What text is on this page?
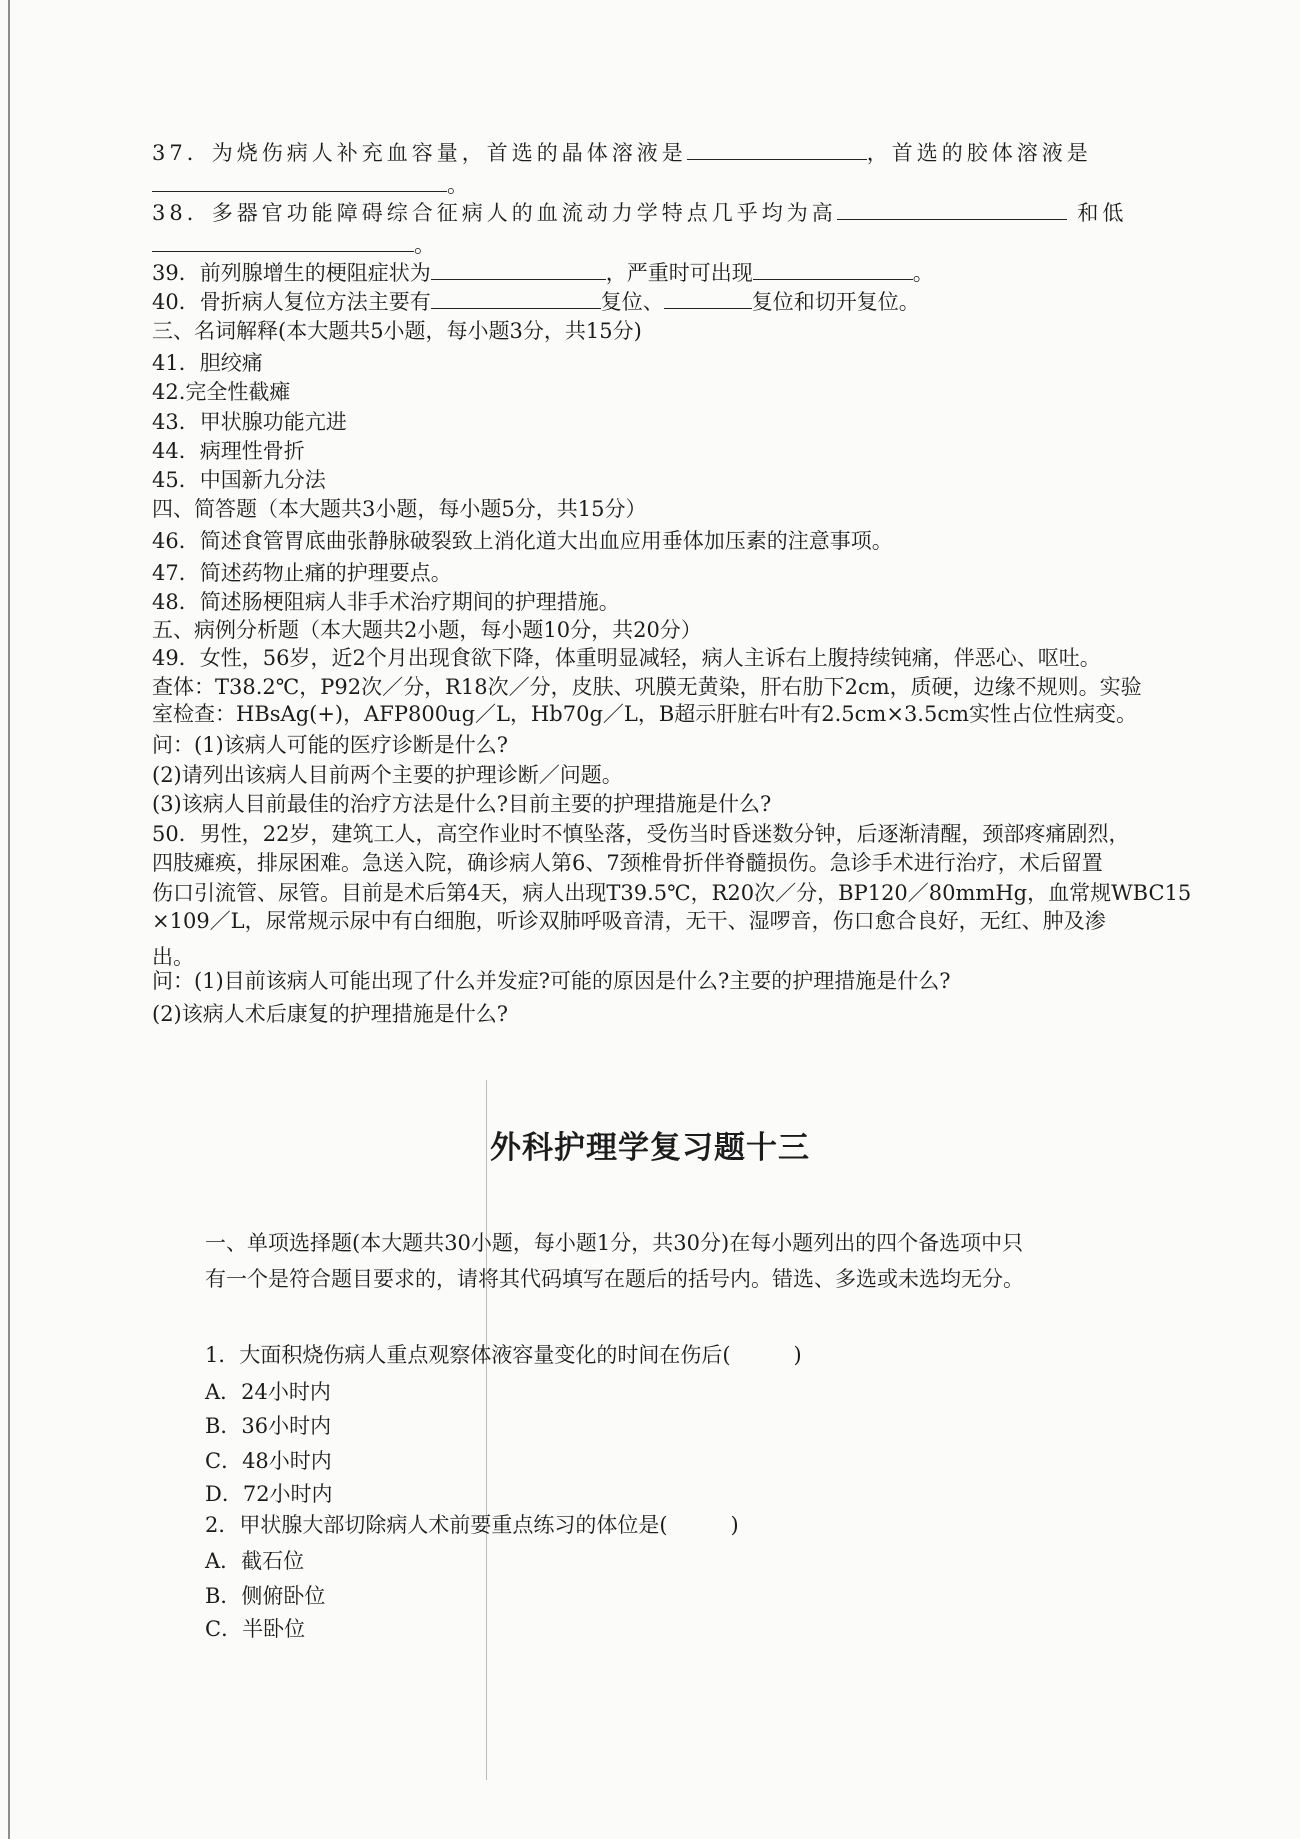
37．为烧伤病人补充血容量，首选的晶体溶液是	，首选的胶体溶液是
。
38．多器官功能障碍综合征病人的血流动力学特点几乎均为高	和低
。
39．前列腺增生的梗阻症状为	，严重时可出现	。
40．骨折病人复位方法主要有	复位、	复位和切开复位。
三、名词解释(本大题共5小题，每小题3分，共15分)
41．胆绞痛
42.完全性截瘫
43．甲状腺功能亢进
44．病理性骨折
45．中国新九分法
四、简答题（本大题共3小题，每小题5分，共15分）
46．简述食管胃底曲张静脉破裂致上消化道大出血应用垂体加压素的注意事项。
47．简述药物止痛的护理要点。
48．简述肠梗阻病人非手术治疗期间的护理措施。
五、病例分析题（本大题共2小题，每小题10分，共20分）
49．女性，56岁，近2个月出现食欲下降，体重明显减轻，病人主诉右上腹持续钝痛，伴恶心、呕吐。
查体：T38.2℃，P92次／分，R18次／分，皮肤、巩膜无黄染，肝右肋下2cm，质硬，边缘不规则。实验
室检查：HBsAg(+)，AFP800ug／L，Hb70g／L，B超示肝脏右叶有2.5cm×3.5cm实性占位性病变。
问：(1)该病人可能的医疗诊断是什么?
(2)请列出该病人目前两个主要的护理诊断／问题。
(3)该病人目前最佳的治疗方法是什么?目前主要的护理措施是什么?
50．男性，22岁，建筑工人，高空作业时不慎坠落，受伤当时昏迷数分钟，后逐渐清醒，颈部疼痛剧烈，
四肢瘫痪，排尿困难。急送入院，确诊病人第6、7颈椎骨折伴脊髓损伤。急诊手术进行治疗，术后留置
伤口引流管、尿管。目前是术后第4天，病人出现T39.5℃，R20次／分，BP120／80mmHg，血常规WBC15
×109／L，尿常规示尿中有白细胞，听诊双肺呼吸音清，无干、湿啰音，伤口愈合良好，无红、肿及渗
出。
问：(1)目前该病人可能出现了什么并发症?可能的原因是什么?主要的护理措施是什么?
(2)该病人术后康复的护理措施是什么?
外科护理学复习题十三
一、单项选择题(本大题共30小题，每小题1分，共30分)在每小题列出的四个备选项中只
有一个是符合题目要求的，请将其代码填写在题后的括号内。错选、多选或未选均无分。
1．大面积烧伤病人重点观察体液容量变化的时间在伤后(　　　)
A．24小时内
B．36小时内
C．48小时内
D．72小时内
2．甲状腺大部切除病人术前要重点练习的体位是(　　　)
A．截石位
B．侧俯卧位
C．半卧位
